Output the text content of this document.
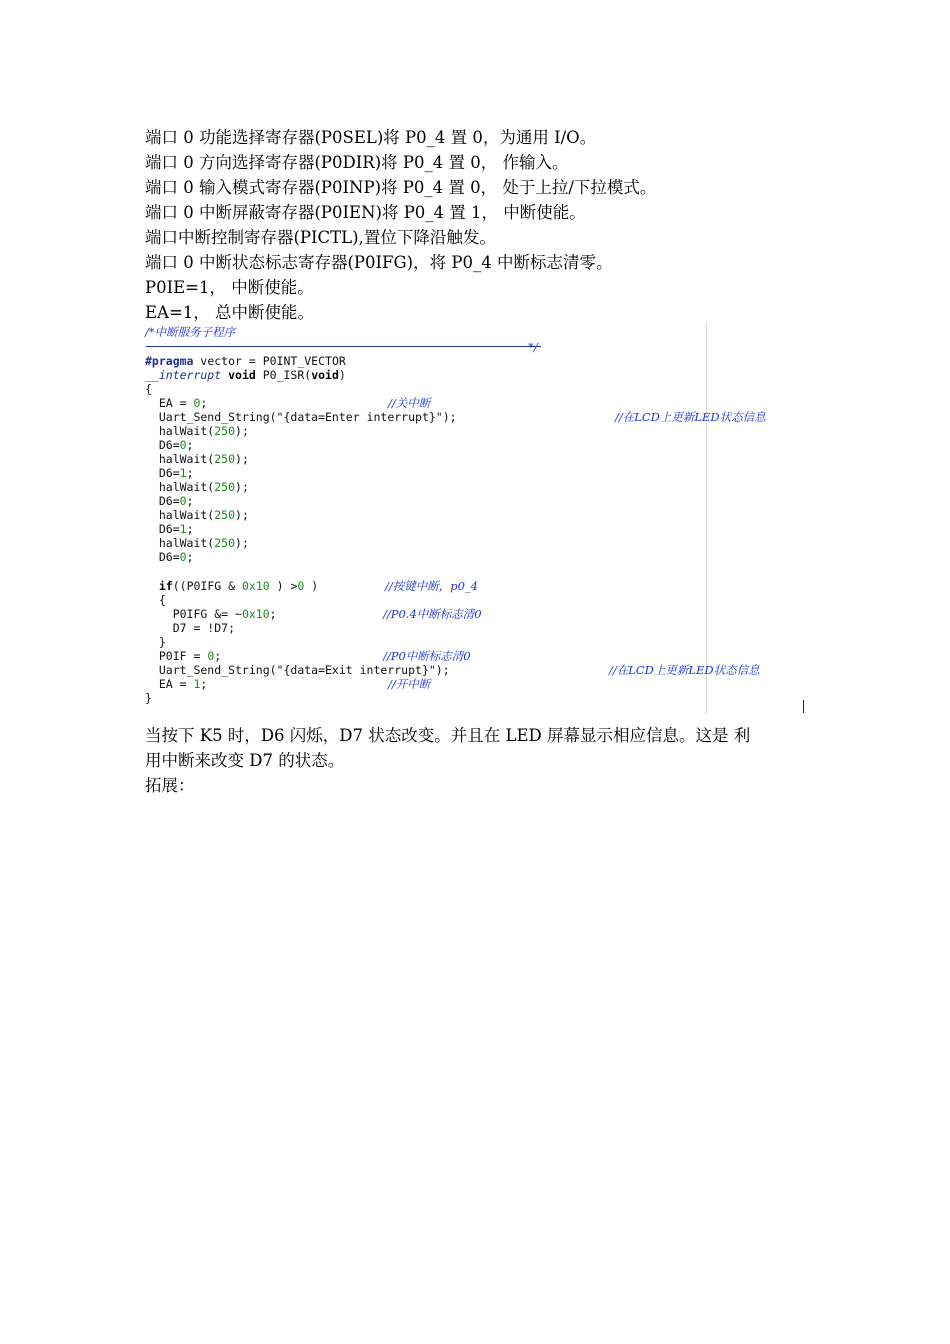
端口 0 功能选择寄存器(P0SEL)将 P0_4 置 0，为通用 I/O。
端口 0 方向选择寄存器(P0DIR)将 P0_4 置 0， 作输入。
端口 0 输入模式寄存器(P0INP)将 P0_4 置 0， 处于上拉/下拉模式。
端口 0 中断屏蔽寄存器(P0IEN)将 P0_4 置 1， 中断使能。
端口中断控制寄存器(PICTL),置位下降沿触发。
端口 0 中断状态标志寄存器(P0IFG)，将 P0_4 中断标志清零。
P0IE=1， 中断使能。
EA=1， 总中断使能。
/*中断服务子程序
*/
#pragma vector = P0INT_VECTOR
__interrupt void P0_ISR(void)
{
EA = 0;	//关中断
Uart_Send_String("{data=Enter interrupt}");	//在LCD上更新LED状态信息
halWait(250);
D6=0;
halWait(250);
D6=1;
halWait(250);
D6=0;
halWait(250);
D6=1;
halWait(250);
D6=0;
if((P0IFG & 0x10 ) >0 )	//按键中断，p0_4
{
P0IFG &= ~0x10;	//P0.4中断标志清0
D7 = !D7;
}
P0IF = 0;	//P0中断标志清0
Uart_Send_String("{data=Exit interrupt}");	//在LCD上更新LED状态信息
EA = 1;	//开中断
}
当按下 K5 时，D6 闪烁，D7 状态改变。并且在 LED 屏幕显示相应信息。这是 利
用中断来改变 D7 的状态。
拓展：
